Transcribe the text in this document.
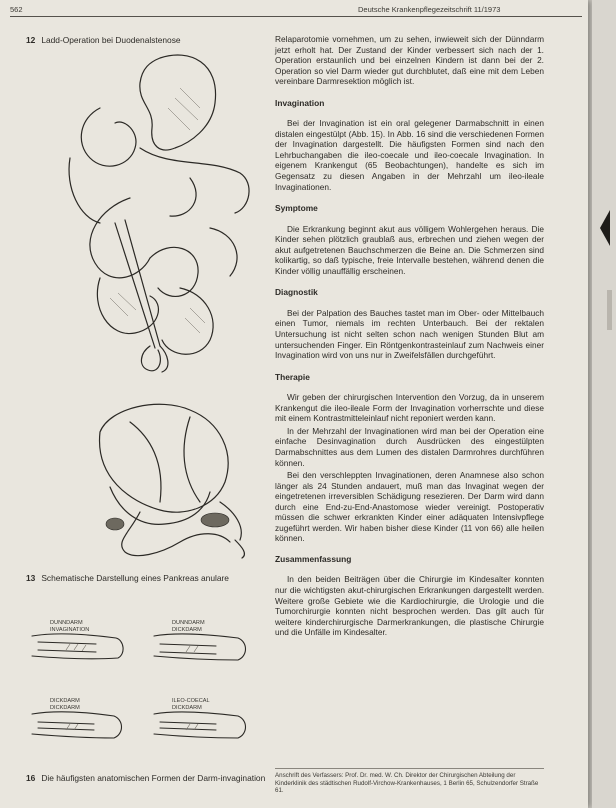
562	Deutsche Krankenpflegezeitschrift 11/1973
12 Ladd-Operation bei Duodenalstenose
13 Schematische Darstellung eines Pankreas anulare
DUNNDARM
INVAGINATION
DUNNDARM
DICKDARM
DICKDARM
DICKDARM
ILEO-COECAL
DICKDARM
16 Die häufigsten anatomischen Formen der Darm-invagination

Relaparotomie vornehmen, um zu sehen, inwieweit sich der Dünndarm jetzt erholt hat. Der Zustand der Kinder verbessert sich nach der 1. Operation erstaunlich und bei einzelnen Kindern ist dann bei der 2. Operation so viel Darm wieder gut durchblutet, daß eine mit dem Leben vereinbare Darmresektion möglich ist.

Invagination

Bei der Invagination ist ein oral gelegener Darmabschnitt in einen distalen eingestülpt (Abb. 15). In Abb. 16 sind die verschiedenen Formen der Invagination dargestellt. Die häufigsten Formen sind nach den Lehrbuchangaben die ileo-coecale und ileo-coecale Invagination. In eigenem Krankengut (65 Beobachtungen), handelte es sich im Gegensatz zu diesen Angaben in der Mehrzahl um ileo-ileale Invaginationen.

Symptome

Die Erkrankung beginnt akut aus völligem Wohlergehen heraus. Die Kinder sehen plötzlich graublaß aus, erbrechen und ziehen wegen der akut aufgetretenen Bauchschmerzen die Beine an. Die Schmerzen sind kolikartig, so daß typische, freie Intervalle bestehen, während denen die Kinder völlig unauffällig erscheinen.

Diagnostik

Bei der Palpation des Bauches tastet man im Ober- oder Mittelbauch einen Tumor, niemals im rechten Unterbauch. Bei der rektalen Untersuchung ist nicht selten schon nach wenigen Stunden Blut am untersuchenden Finger. Ein Röntgenkontrasteinlauf zum Nachweis einer Invagination wird von uns nur in Zweifelsfällen durchgeführt.

Therapie

Wir geben der chirurgischen Intervention den Vorzug, da in unserem Krankengut die ileo-ileale Form der Invagination vorherrschte und diese mit einem Kontrastmitteleinlauf nicht reponiert werden kann.

In der Mehrzahl der Invaginationen wird man bei der Operation eine einfache Desinvagination durch Ausdrücken des eingestülpten Darmabschnittes aus dem Lumen des distalen Darmrohres durchführen können.

Bei den verschleppten Invaginationen, deren Anamnese also schon länger als 24 Stunden andauert, muß man das Invaginat wegen der eingetretenen irreversiblen Schädigung resezieren. Der Darm wird dann durch eine End-zu-End-Anastomose wieder vereinigt. Postoperativ müssen die schwer erkrankten Kinder einer adäquaten Intensivpflege zugeführt werden. Wir haben bisher diese Kinder (11 von 66) alle heilen können.

Zusammenfassung

In den beiden Beiträgen über die Chirurgie im Kindesalter konnten nur die wichtigsten akut-chirurgischen Erkrankungen dargestellt werden. Weitere große Gebiete wie die Kardiochirurgie, die Urologie und die Tumorchirurgie konnten nicht besprochen werden. Das gilt auch für weitere kinderchirurgische Darmerkrankungen, die plastische Chirurgie und die Unfälle im Kindesalter.

Anschrift des Verfassers: Prof. Dr. med. W. Ch. Direktor der Chirurgischen Abteilung der Kinderklinik des städtischen Rudolf-Virchow-Krankenhauses, 1 Berlin 65, Schulzendorfer Straße 61.
